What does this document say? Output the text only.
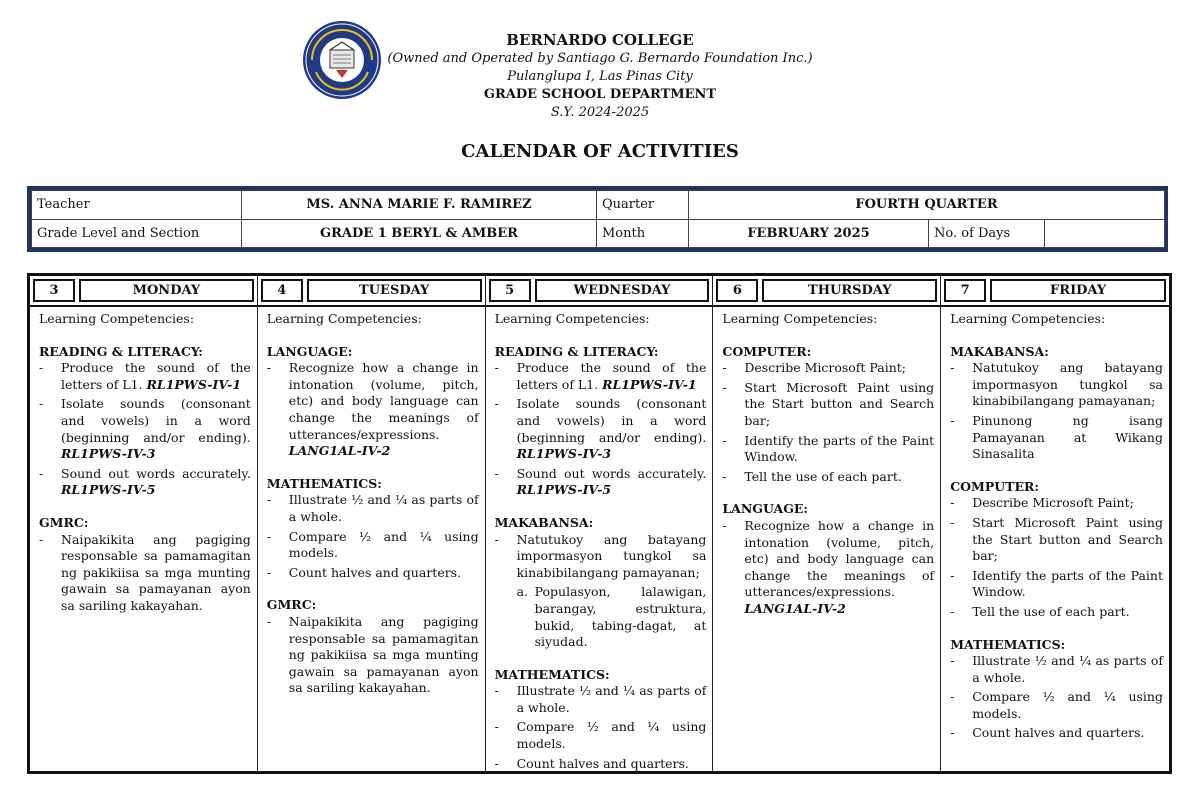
BERNARDO COLLEGE
(Owned and Operated by Santiago G. Bernardo Foundation Inc.)
Pulanglupa I, Las Pinas City
GRADE SCHOOL DEPARTMENT
S.Y. 2024-2025
CALENDAR OF ACTIVITIES
Teacher	MS. ANNA MARIE F. RAMIREZ	Quarter	FOURTH QUARTER		
Grade Level and Section	GRADE 1 BERYL & AMBER	Month	FEBRUARY 2025	No. of Days	
3	MONDAY
Learning Competencies:
READING & LITERACY:
- Produce the sound of the letters of L1. RL1PWS-IV-1
- Isolate sounds (consonant and vowels) in a word (beginning and/or ending). RL1PWS-IV-3
- Sound out words accurately. RL1PWS-IV-5
GMRC:
- Naipakikita ang pagiging responsable sa pamamagitan ng pakikiisa sa mga munting gawain sa pamayanan ayon sa sariling kakayahan.
4	TUESDAY
Learning Competencies:
LANGUAGE:
- Recognize how a change in intonation (volume, pitch, etc) and body language can change the meanings of utterances/expressions. LANG1AL-IV-2
MATHEMATICS:
- Illustrate ½ and ¼ as parts of a whole.
- Compare ½ and ¼ using models.
- Count halves and quarters.
GMRC:
- Naipakikita ang pagiging responsable sa pamamagitan ng pakikiisa sa mga munting gawain sa pamayanan ayon sa sariling kakayahan.
5	WEDNESDAY
Learning Competencies:
READING & LITERACY:
- Produce the sound of the letters of L1. RL1PWS-IV-1
- Isolate sounds (consonant and vowels) in a word (beginning and/or ending). RL1PWS-IV-3
- Sound out words accurately. RL1PWS-IV-5
MAKABANSA:
- Natutukoy ang batayang impormasyon tungkol sa kinabibilangang pamayanan;
a. Populasyon, lalawigan, barangay, estruktura, bukid, tabing-dagat, at siyudad.
MATHEMATICS:
- Illustrate ½ and ¼ as parts of a whole.
- Compare ½ and ¼ using models.
- Count halves and quarters.
6	THURSDAY
Learning Competencies:
COMPUTER:
- Describe Microsoft Paint;
- Start Microsoft Paint using the Start button and Search bar;
- Identify the parts of the Paint Window.
- Tell the use of each part.
LANGUAGE:
- Recognize how a change in intonation (volume, pitch, etc) and body language can change the meanings of utterances/expressions. LANG1AL-IV-2
7	FRIDAY
Learning Competencies:
MAKABANSA:
- Natutukoy ang batayang impormasyon tungkol sa kinabibilangang pamayanan;
- Pinunong ng isang Pamayanan at Wikang Sinasalita
COMPUTER:
- Describe Microsoft Paint;
- Start Microsoft Paint using the Start button and Search bar;
- Identify the parts of the Paint Window.
- Tell the use of each part.
MATHEMATICS:
- Illustrate ½ and ¼ as parts of a whole.
- Compare ½ and ¼ using models.
- Count halves and quarters.
